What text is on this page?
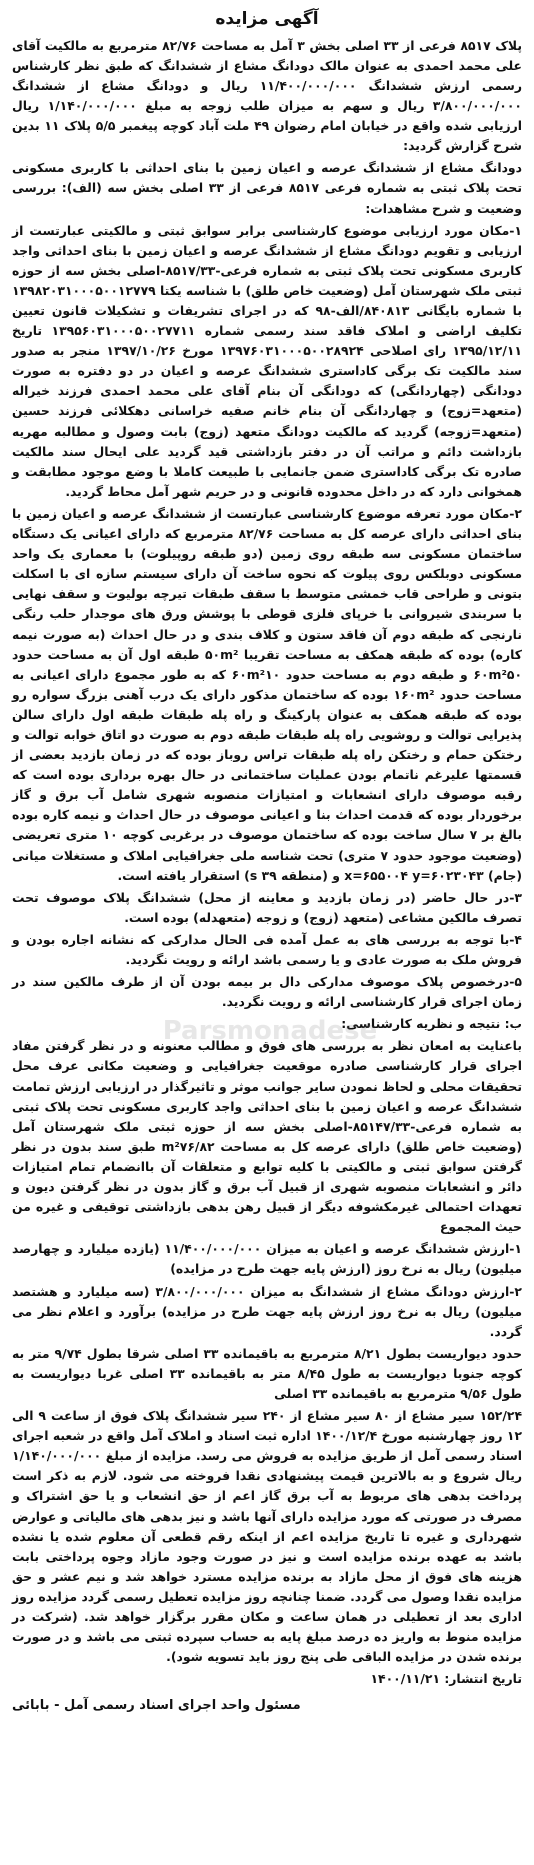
آگهی مزایده
پلاک ۸۵۱۷ فرعی از ۳۳ اصلی بخش ۳ آمل به مساحت ۸۲/۷۶ مترمربع به مالکیت آقای علی محمد احمدی به عنوان مالک دودانگ مشاع از ششدانگ که طبق نظر کارشناس رسمی ارزش ششدانگ ۱۱/۴۰۰/۰۰۰/۰۰۰ ریال و دودانگ مشاع از ششدانگ ۳/۸۰۰/۰۰۰/۰۰۰ ریال و سهم به میزان طلب زوجه به مبلغ ۱/۱۴۰/۰۰۰/۰۰۰ ریال ارزیابی شده واقع در خیابان امام رضوان ۴۹ ملت آباد کوچه پیغمبر ۵/۵ پلاک ۱۱ بدین شرح گزارش گردید:
دودانگ مشاع از ششدانگ عرصه و اعیان زمین با بنای احداثی با کاربری مسکونی تحت پلاک ثبتی به شماره فرعی ۸۵۱۷ فرعی از ۳۳ اصلی بخش سه (الف): بررسی وضعیت و شرح مشاهدات:
۱-مکان مورد ارزیابی موضوع کارشناسی برابر سوابق ثبتی و مالکیتی عبارتست از ارزیابی و تقویم دودانگ مشاع از ششدانگ عرصه و اعیان زمین با بنای احداثی واجد کاربری مسکونی تحت پلاک ثبتی به شماره فرعی-۸۵۱۷/۳۳-اصلی بخش سه از حوزه ثبتی ملک شهرستان آمل (وضعیت خاص طلق) با شناسه یکتا ۱۳۹۸۲۰۳۱۰۰۰۵۰۰۱۲۷۷۹ با شماره بایگانی ۸۴۰۸۱۳/الف-۹۸ که در اجرای تشریفات و تشکیلات قانون تعیین تکلیف اراضی و املاک فاقد سند رسمی شماره ۱۳۹۵۶۰۳۱۰۰۰۵۰۰۲۷۷۱۱ تاریخ ۱۳۹۵/۱۲/۱۱ رای اصلاحی ۱۳۹۷۶۰۳۱۰۰۰۵۰۰۲۸۹۲۴ مورخ ۱۳۹۷/۱۰/۲۶ منجر به صدور سند مالکیت تک برگی کاداستری ششدانگ عرصه و اعیان در دو دفتره به صورت دودانگی (چهاردانگی) که دودانگی آن بنام آقای علی محمد احمدی فرزند خیراله (متعهد=زوج) و چهاردانگی آن بنام خانم صفیه خراسانی دهکلائی فرزند حسین (متعهد=زوجه) گردید که مالکیت دودانگ متعهد (زوج) بابت وصول و مطالبه مهریه بازداشت دائم و مراتب آن در دفتر بازداشتی قید گردید علی ایحال سند مالکیت صادره تک برگی کاداستری ضمن جانمایی با طبیعت کاملا با وضع موجود مطابقت و همخوانی دارد که در داخل محدوده قانونی و در حریم شهر آمل محاط گردید.
۲-مکان مورد تعرفه موضوع کارشناسی عبارتست از ششدانگ عرصه و اعیان زمین با بنای احداثی دارای عرصه کل به مساحت ۸۲/۷۶ مترمربع که دارای اعیانی یک دستگاه ساختمان مسکونی سه طبقه روی زمین (دو طبقه روپیلوت) با معماری یک واحد مسکونی دوبلکس روی پیلوت که نحوه ساخت آن دارای سیستم سازه ای با اسکلت بتونی و طراحی قاب خمشی متوسط با سقف طبقات تیرچه بولیوت و سقف نهایی با سربندی شیروانی با خرپای فلزی قوطی با پوشش ورق های موجدار حلب رنگی نارنجی که طبقه دوم آن فاقد ستون و کلاف بندی و در حال احداث (به صورت نیمه کاره) بوده که طبقه همکف به مساحت تقریبا ۵۰m² طبقه اول آن به مساحت حدود ۶۰m²۵۰ و طبقه دوم به مساحت حدود ۶۰m²۱۰ که به طور مجموع دارای اعیانی به مساحت حدود ۱۶۰m² بوده که ساختمان مذکور دارای یک درب آهنی بزرگ سواره رو بوده که طبقه همکف به عنوان پارکینگ و راه پله طبقات طبقه اول دارای سالن پذیرایی توالت و روشویی راه پله طبقات طبقه دوم به صورت دو اتاق خوابه توالت و رختکن حمام و رختکن راه پله طبقات تراس روباز بوده که در زمان بازدید بعضی از قسمتها علیرغم ناتمام بودن عملیات ساختمانی در حال بهره برداری بوده است که رقبه موصوف دارای انشعابات و امتیازات منصوبه شهری شامل آب برق و گاز برخوردار بوده که قدمت احداث بنا و اعیانی موصوف در حال احداث و نیمه کاره بوده بالغ بر ۷ سال ساخت بوده که ساختمان موصوف در برغربی کوچه ۱۰ متری تعریضی (وضعیت موجود حدود ۷ متری) تحت شناسه ملی جغرافیایی املاک و مستغلات میانی (جام) x=۶۵۵۰۰۴ y=۶۰۲۳۰۴۳ و (منطقه ۳۹ s) استقرار یافته است.
۳-در حال حاضر (در زمان بازدید و معاینه از محل) ششدانگ پلاک موصوف تحت تصرف مالکین مشاعی (متعهد (زوج) و زوجه (متعهدله) بوده است.
۴-با توجه به بررسی های به عمل آمده فی الحال مدارکی که نشانه اجاره بودن و فروش ملک به صورت عادی و یا رسمی باشد ارائه و رویت نگردید.
۵-درخصوص پلاک موصوف مدارکی دال بر بیمه بودن آن از طرف مالکین سند در زمان اجرای قرار کارشناسی ارائه و رویت نگردید.
ب: نتیجه و نظریه کارشناسی:
باعنایت به امعان نظر به بررسی های فوق و مطالب معنونه و در نظر گرفتن مفاد اجرای قرار کارشناسی صادره موقعیت جغرافیایی و وضعیت مکانی عرف محل تحقیقات محلی و لحاظ نمودن سایر جوانب موثر و تاثیرگذار در ارزیابی ارزش تمامت ششدانگ عرصه و اعیان زمین با بنای احداثی واجد کاربری مسکونی تحت پلاک ثبتی به شماره فرعی-۸۵۱۴۷/۳۳-اصلی بخش سه از حوزه ثبتی ملک شهرستان آمل (وضعیت خاص طلق) دارای عرصه کل به مساحت m²۷۶/۸۲ طبق سند بدون در نظر گرفتن سوابق ثبتی و مالکیتی با کلیه توابع و متعلقات آن باانضمام تمام امتیازات دائر و انشعابات منصوبه شهری از قبیل آب برق و گاز بدون در نظر گرفتن دیون و تعهدات احتمالی غیرمکشوفه دیگر از قبیل رهن بدهی بازداشتی توقیفی و غیره من حیث المجموع
۱-ارزش ششدانگ عرصه و اعیان به میزان ۱۱/۴۰۰/۰۰۰/۰۰۰ (یازده میلیارد و چهارصد میلیون) ریال به نرخ روز (ارزش پایه جهت طرح در مزایده)
۲-ارزش دودانگ مشاع از ششدانگ به میزان ۳/۸۰۰/۰۰۰/۰۰۰ (سه میلیارد و هشتصد میلیون) ریال به نرخ روز ارزش پایه جهت طرح در مزایده) برآورد و اعلام نظر می گردد.
حدود دیواریست بطول ۸/۲۱ مترمربع به باقیمانده ۳۳ اصلی شرقا بطول ۹/۷۴ متر به کوچه جنوبا دیواریست به طول ۸/۴۵ متر به باقیمانده ۳۳ اصلی غربا دیواریست به طول ۹/۵۶ مترمربع به باقیمانده ۳۳ اصلی
۱۵۲/۲۴ سیر مشاع از ۸۰ سیر مشاع از ۲۴۰ سیر ششدانگ پلاک فوق از ساعت ۹ الی ۱۲ روز چهارشنبه مورخ ۱۴۰۰/۱۲/۴ اداره ثبت اسناد و املاک آمل واقع در شعبه اجرای اسناد رسمی آمل از طریق مزایده به فروش می رسد. مزایده از مبلغ ۱/۱۴۰/۰۰۰/۰۰۰ ریال شروع و به بالاترین قیمت پیشنهادی نقدا فروخته می شود. لازم به ذکر است پرداخت بدهی های مربوط به آب برق گاز اعم از حق انشعاب و یا حق اشتراک و مصرف در صورتی که مورد مزایده دارای آنها باشد و نیز بدهی های مالیاتی و عوارض شهرداری و غیره تا تاریخ مزایده اعم از اینکه رقم قطعی آن معلوم شده یا نشده باشد به عهده برنده مزایده است و نیز در صورت وجود مازاد وجوه پرداختی بابت هزینه های فوق از محل مازاد به برنده مزایده مسترد خواهد شد و نیم عشر و حق مزایده نقدا وصول می گردد. ضمنا چنانچه روز مزایده تعطیل رسمی گردد مزایده روز اداری بعد از تعطیلی در همان ساعت و مکان مقرر برگزار خواهد شد. (شرکت در مزایده منوط به واریز ده درصد مبلغ پایه به حساب سپرده ثبتی می باشد و در صورت برنده شدن در مزایده الباقی طی پنج روز باید تسویه شود).
تاریخ انتشار: ۱۴۰۰/۱۱/۲۱
مسئول واحد اجرای اسناد رسمی آمل - بابائی
Parsmonadese
